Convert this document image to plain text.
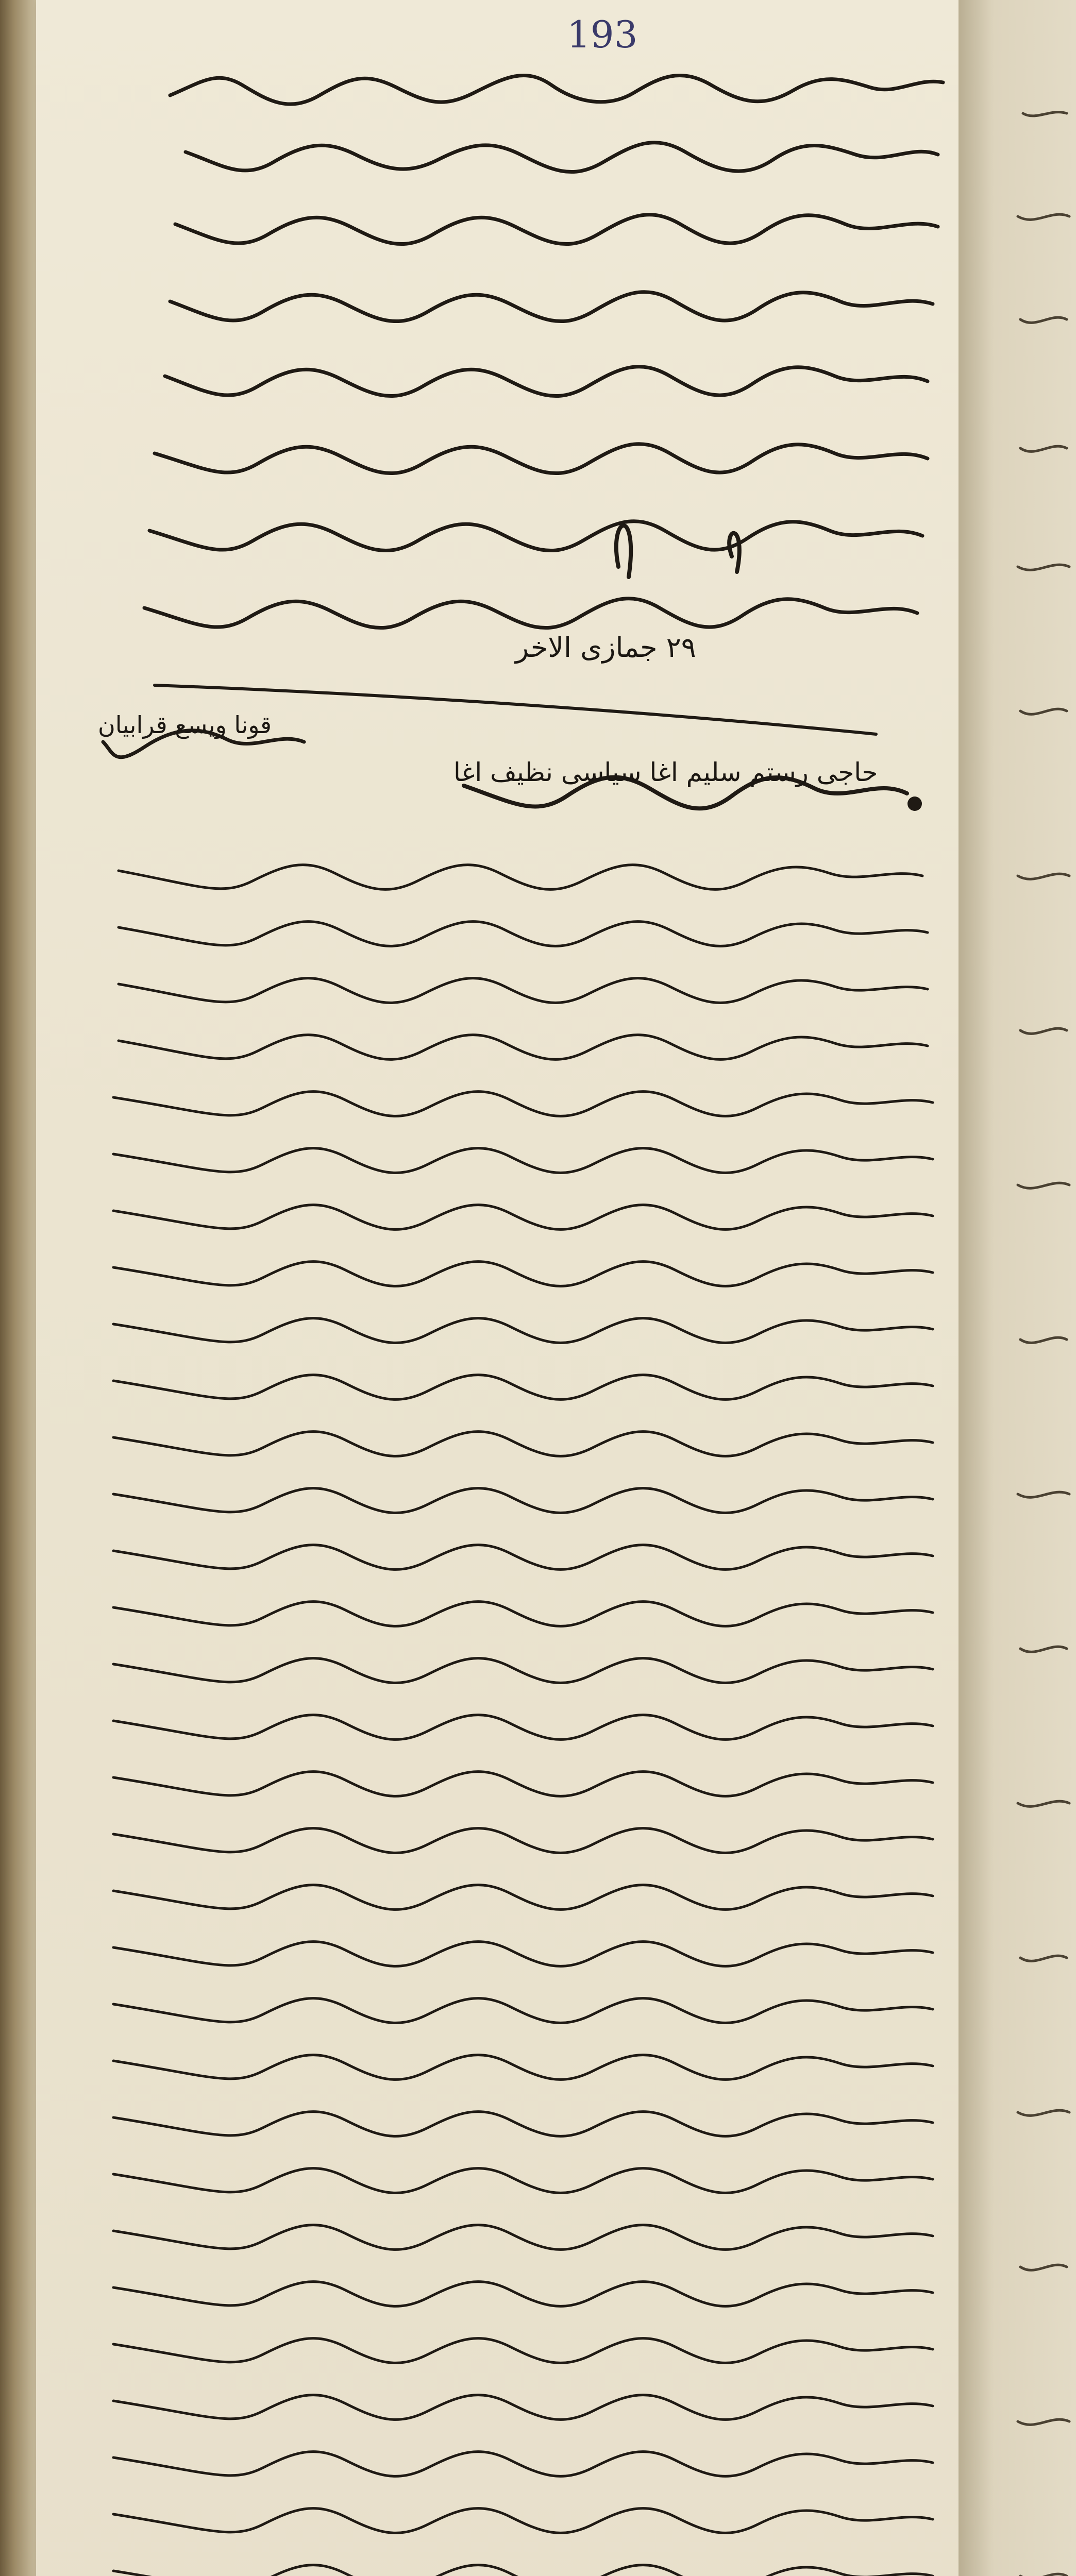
193
٢٩ جمازى الاخر
حاجى رستم سليم اغا سياسى نظيف اغا
قونا ويسع قرابيان
